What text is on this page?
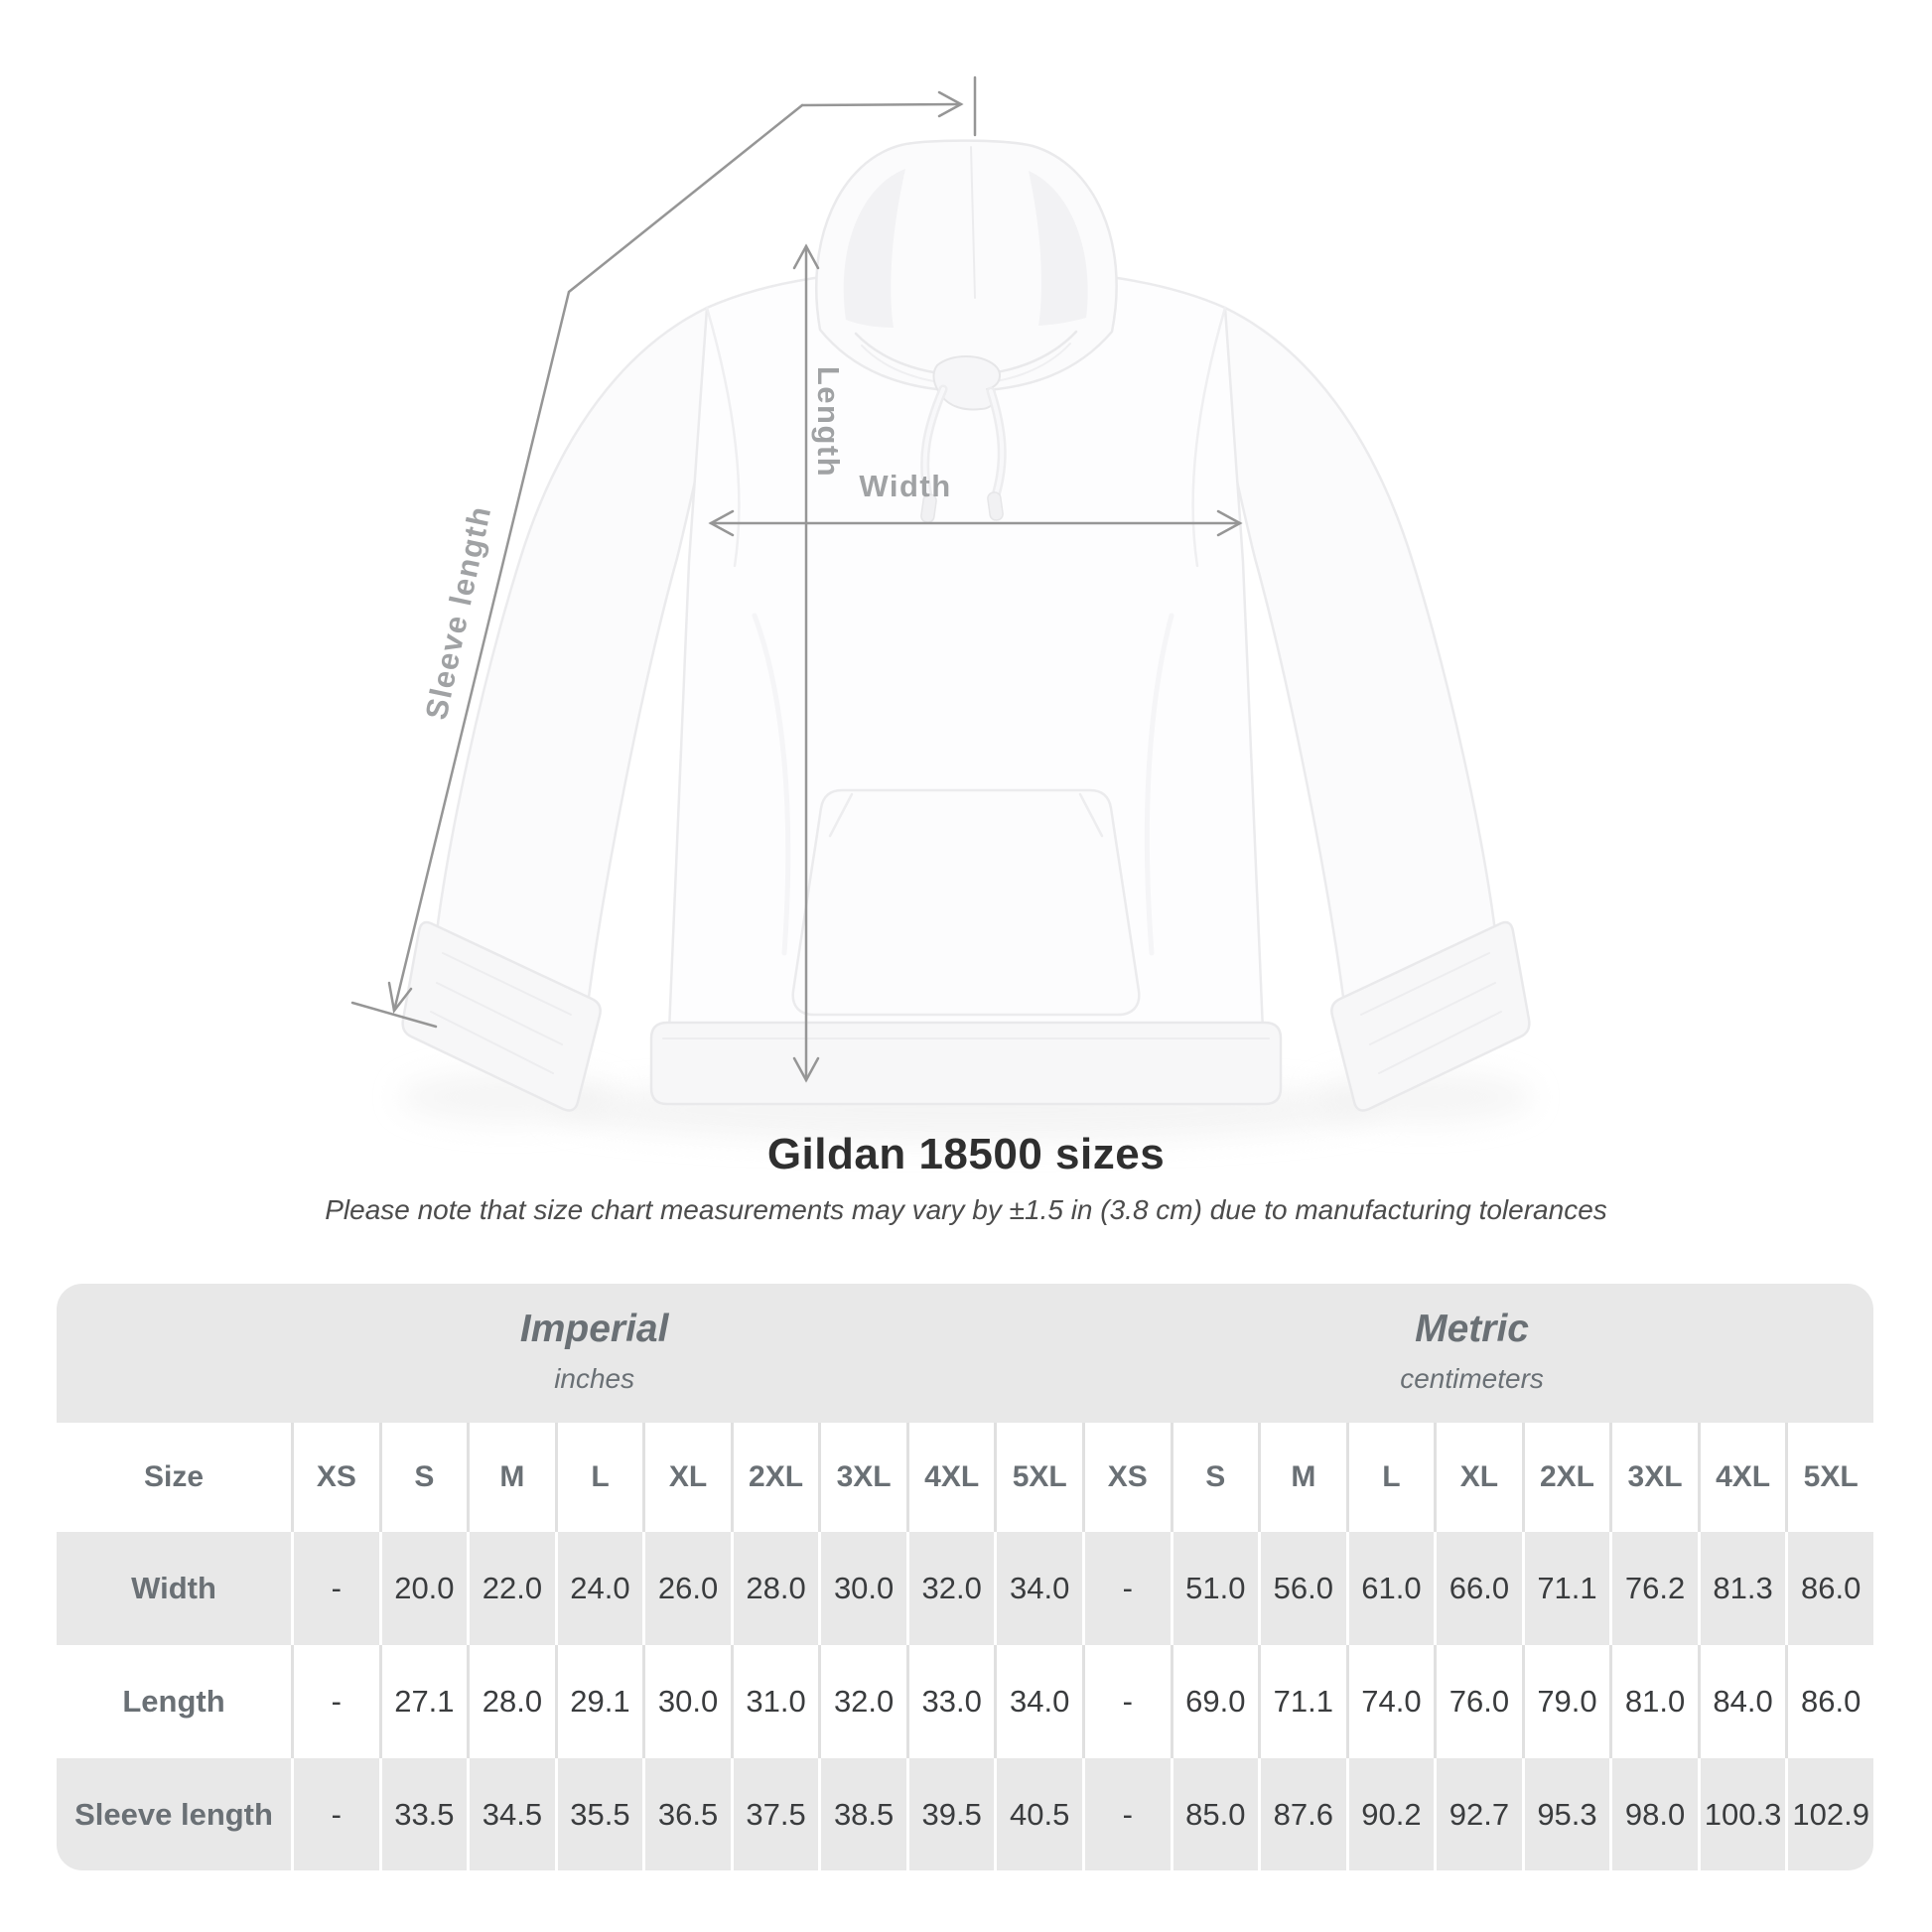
Length
Width
Sleeve length
Gildan 18500 sizes

Please note that size chart measurements may vary by ±1.5 in (3.8 cm) due to manufacturing tolerances

Imperial
inches
Metric
centimeters
Size	XS	S	M	L	XL	2XL	3XL	4XL	5XL	XS	S	M	L	XL	2XL	3XL	4XL	5XL
Width	-	20.0	22.0	24.0	26.0	28.0	30.0	32.0	34.0	-	51.0	56.0	61.0	66.0	71.1	76.2	81.3	86.0
Length	-	27.1	28.0	29.1	30.0	31.0	32.0	33.0	34.0	-	69.0	71.1	74.0	76.0	79.0	81.0	84.0	86.0
Sleeve length	-	33.5	34.5	35.5	36.5	37.5	38.5	39.5	40.5	-	85.0	87.6	90.2	92.7	95.3	98.0	100.3	102.9
